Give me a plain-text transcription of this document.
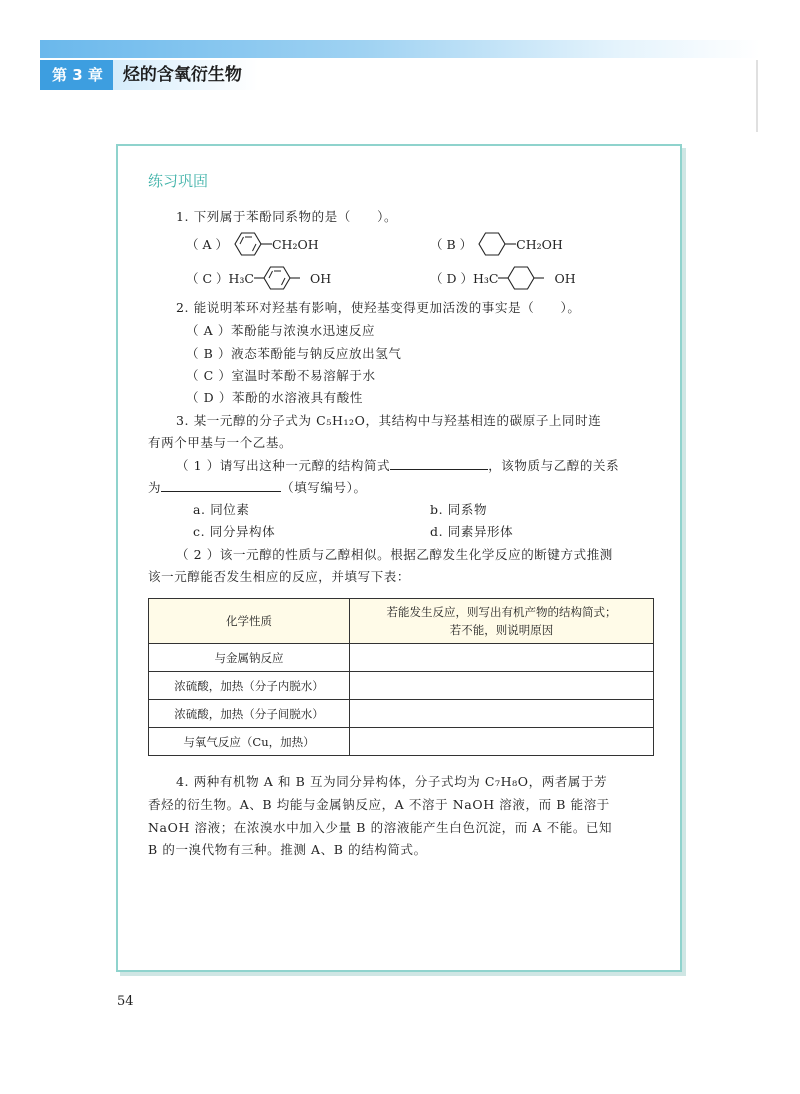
第 3 章	烃的含氧衍生物
练习巩固
1. 下列属于苯酚同系物的是（　　）。
（ A ）	CH₂OH	（ B ）	CH₂OH
（ C ） H₃C	OH	（ D ） H₃C	OH
2. 能说明苯环对羟基有影响，使羟基变得更加活泼的事实是（　　）。
（ A ）苯酚能与浓溴水迅速反应
（ B ）液态苯酚能与钠反应放出氢气
（ C ）室温时苯酚不易溶解于水
（ D ）苯酚的水溶液具有酸性
3. 某一元醇的分子式为 C₅H₁₂O，其结构中与羟基相连的碳原子上同时连
有两个甲基与一个乙基。
（ 1 ）请写出这种一元醇的结构简式	，该物质与乙醇的关系
为	（填写编号）。
a. 同位素	b. 同系物
c. 同分异构体	d. 同素异形体
（ 2 ）该一元醇的性质与乙醇相似。根据乙醇发生化学反应的断键方式推测
该一元醇能否发生相应的反应，并填写下表：
化学性质	若能发生反应，则写出有机产物的结构简式；
若不能，则说明原因

与金属钠反应	
浓硫酸，加热（分子内脱水）	
浓硫酸，加热（分子间脱水）	
与氧气反应（Cu，加热）	
4. 两种有机物 A 和 B 互为同分异构体，分子式均为 C₇H₈O，两者属于芳
香烃的衍生物。A、B 均能与金属钠反应，A 不溶于 NaOH 溶液，而 B 能溶于
NaOH 溶液；在浓溴水中加入少量 B 的溶液能产生白色沉淀，而 A 不能。已知
B 的一溴代物有三种。推测 A、B 的结构简式。
54
